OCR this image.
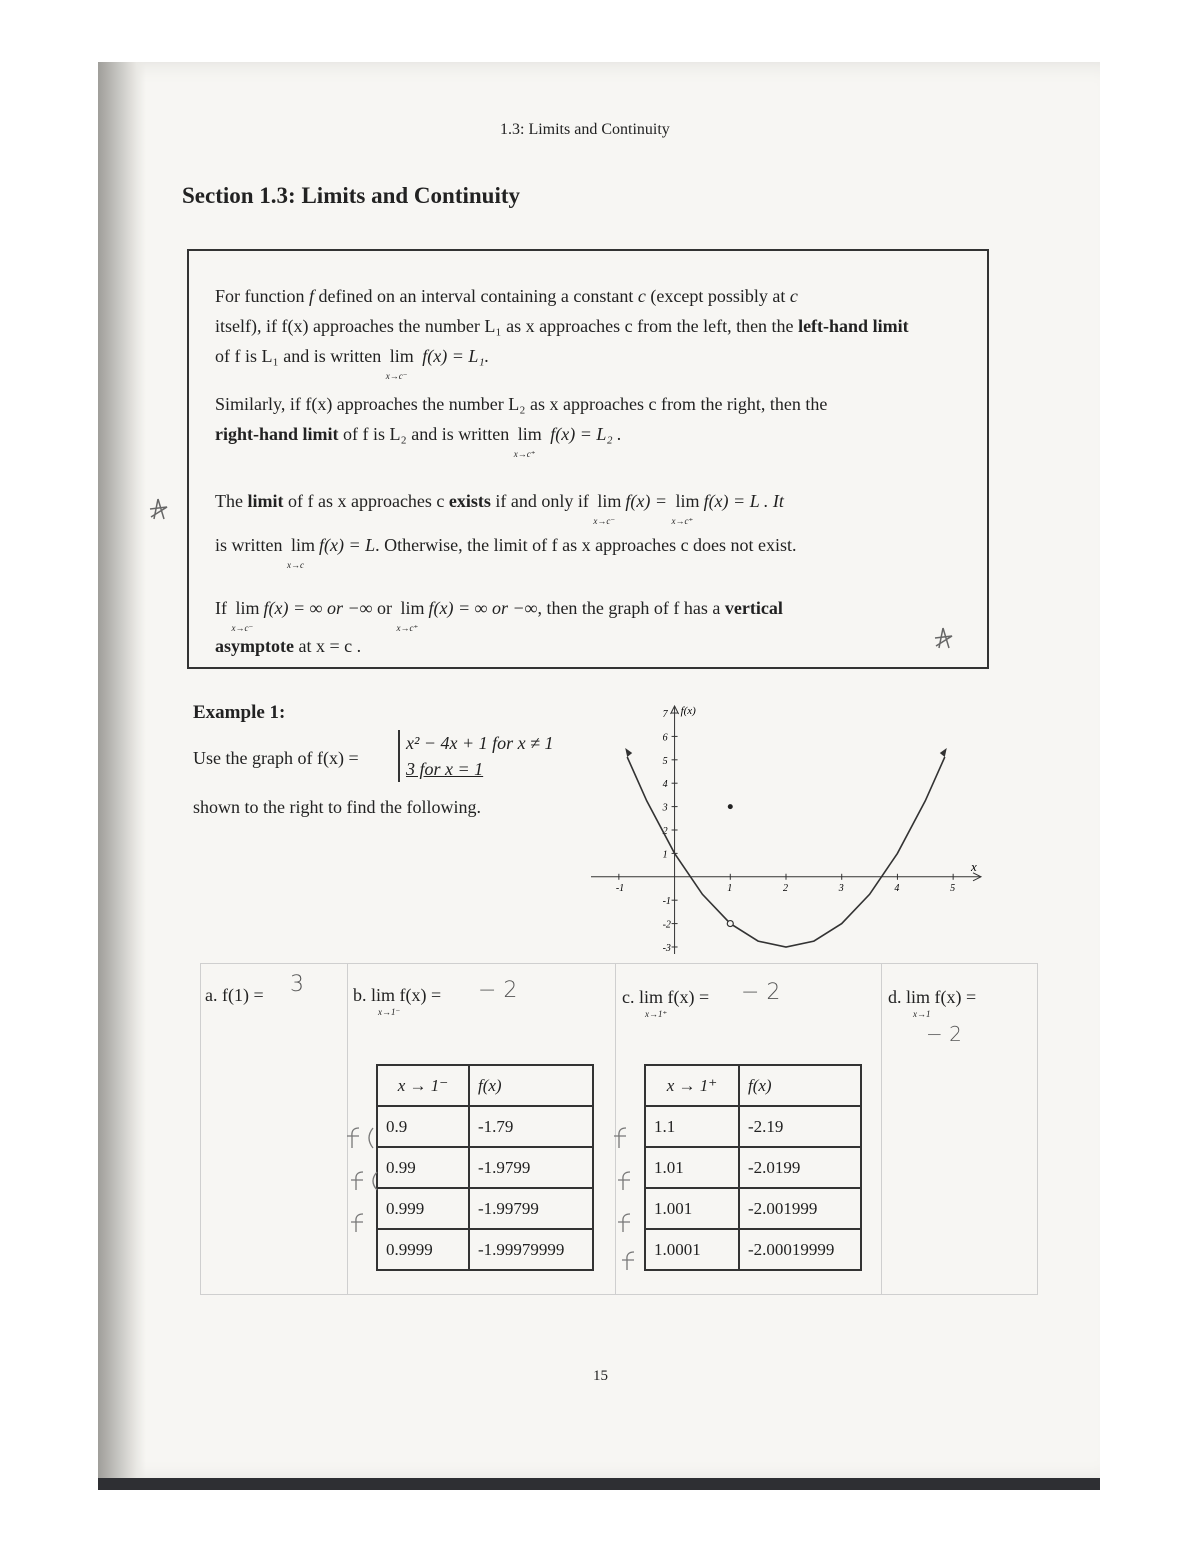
1.3: Limits and Continuity
Section 1.3: Limits and Continuity
For function f defined on an interval containing a constant c (except possibly at c
itself), if f(x) approaches the number L₁ as x approaches c from the left, then the left-hand limit
of f is L₁ and is written lim
x→c⁻
f(x) = L₁.
Similarly, if f(x) approaches the number L₂ as x approaches c from the right, then the
right-hand limit of f is L₂ and is written lim
x→c⁺
f(x) = L₂ .
The limit of f as x approaches c exists if and only if lim
x→c⁻
f(x) = lim
x→c⁺
f(x) = L . It
is written lim
x→c
f(x) = L. Otherwise, the limit of f as x approaches c does not exist.
If lim
x→c⁻
f(x) = ∞ or −∞ or lim
x→c⁺
f(x) = ∞ or −∞, then the graph of f has a vertical
asymptote at x = c .
Example 1:
Use the graph of f(x) =
x² − 4x + 1 for x ≠ 1
3 for x = 1
shown to the right to find the following.
-1	1	2	3	4	5
-3
-2
-1
1
2
3
4
5
6
7
x
f(x)
a. f(1) = 3	b. lim f(x) =
x→1⁻
− 2	c. lim f(x) =
x→1⁺
− 2	d. lim f(x) =
x→1
− 2
x → 1⁻	f(x)
0.9	-1.79
0.99	-1.9799
0.999	-1.99799
0.9999	-1.99979999
x → 1⁺	f(x)
1.1	-2.19
1.01	-2.0199
1.001	-2.001999
1.0001	-2.00019999
15
